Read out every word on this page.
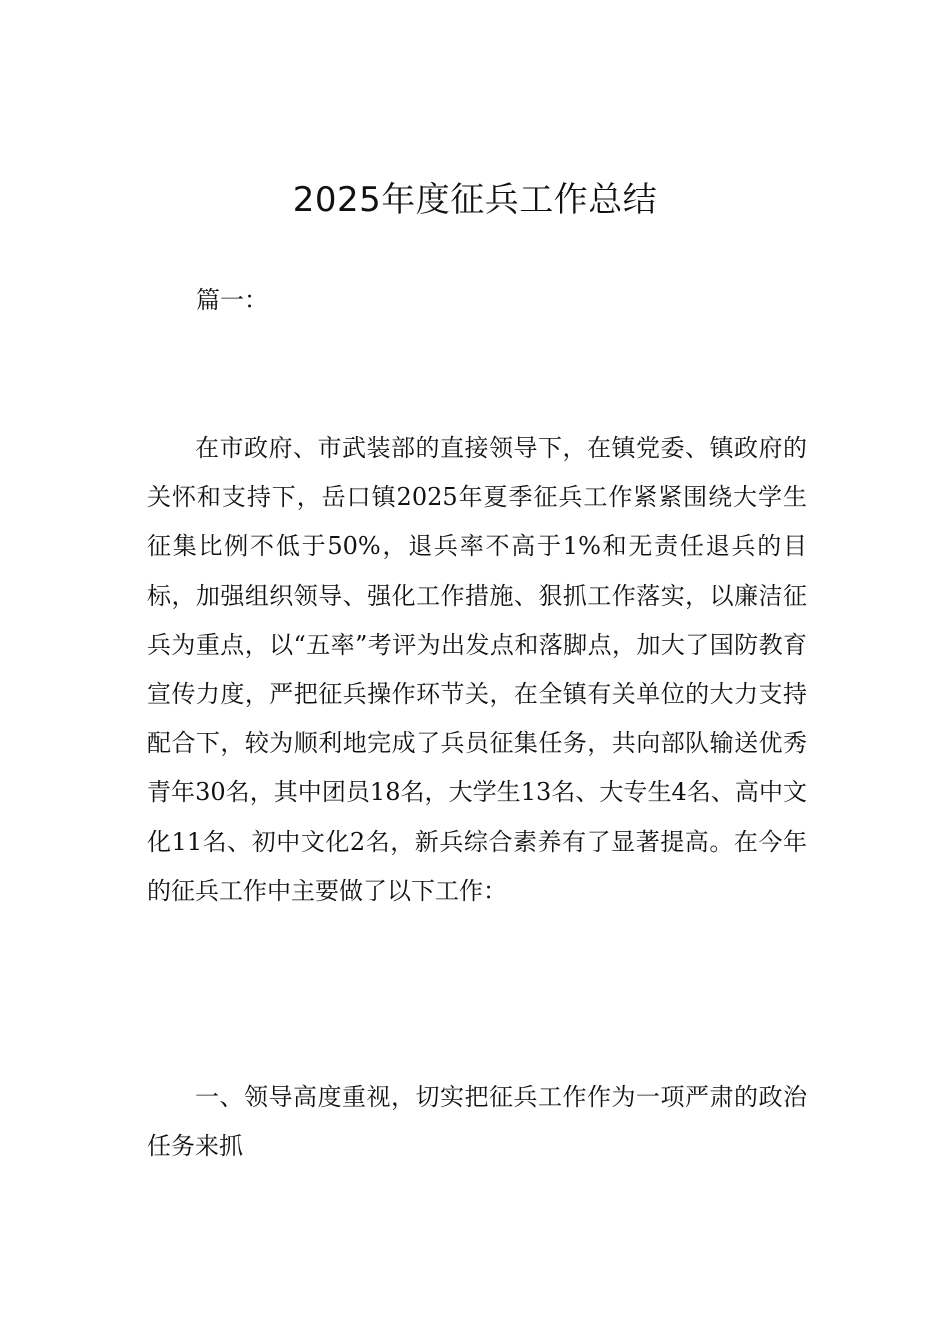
2025年度征兵工作总结
篇一：

在市政府、市武装部的直接领导下，在镇党委、镇政府的关怀和支持下，岳口镇2025年夏季征兵工作紧紧围绕大学生征集比例不低于50%，退兵率不高于1%和无责任退兵的目标，加强组织领导、强化工作措施、狠抓工作落实，以廉洁征兵为重点，以“五率”考评为出发点和落脚点，加大了国防教育宣传力度，严把征兵操作环节关，在全镇有关单位的大力支持配合下，较为顺利地完成了兵员征集任务，共向部队输送优秀青年30名，其中团员18名，大学生13名、大专生4名、高中文化11名、初中文化2名，新兵综合素养有了显著提高。在今年的征兵工作中主要做了以下工作：

一、领导高度重视，切实把征兵工作作为一项严肃的政治任务来抓
